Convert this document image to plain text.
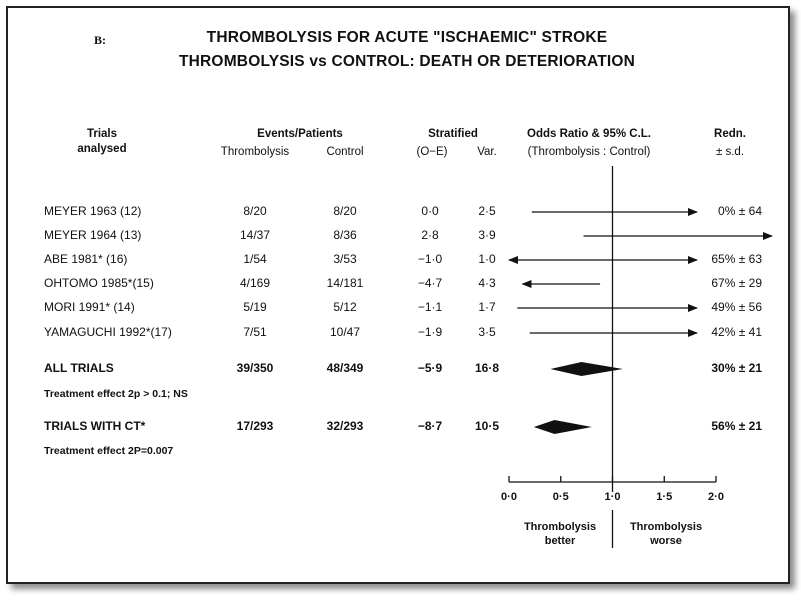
B:	THROMBOLYSIS FOR ACUTE "ISCHAEMIC" STROKE
THROMBOLYSIS vs CONTROL: DEATH OR DETERIORATION
Trials
analysed
Events/Patients
Thrombolysis	Control
Stratified
(O−E)	Var.
Odds Ratio & 95% C.L.
(Thrombolysis : Control)
Redn.
± s.d.
MEYER 1963 (12)	8/20	8/20	0·0	2·5	0% ± 64
MEYER 1964 (13)	14/37	8/36	2·8	3·9
ABE 1981* (16)	1/54	3/53	−1·0	1·0	65% ± 63
OHTOMO 1985*(15)	4/169	14/181	−4·7	4·3	67% ± 29
MORI 1991* (14)	5/19	5/12	−1·1	1·7	49% ± 56
YAMAGUCHI 1992*(17)	7/51	10/47	−1·9	3·5	42% ± 41
ALL TRIALS	39/350	48/349	−5·9	16·8	30% ± 21
TRIALS WITH CT*	17/293	32/293	−8·7	10·5	56% ± 21
Treatment effect 2p > 0.1; NS
Treatment effect 2P=0.007
0·0	0·5	1·0	1·5	2·0
Thrombolysis
better
Thrombolysis
worse
